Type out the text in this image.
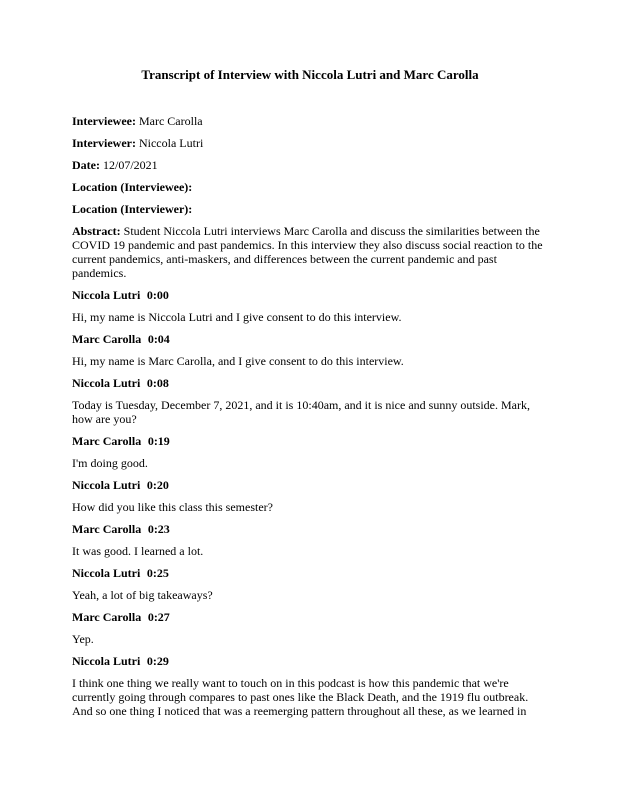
Transcript of Interview with Niccola Lutri and Marc Carolla

Interviewee: Marc Carolla

Interviewer: Niccola Lutri

Date: 12/07/2021

Location (Interviewee):

Location (Interviewer):

Abstract: Student Niccola Lutri interviews Marc Carolla and discuss the similarities between the COVID 19 pandemic and past pandemics. In this interview they also discuss social reaction to the current pandemics, anti-maskers, and differences between the current pandemic and past pandemics.

Niccola Lutri 0:00

Hi, my name is Niccola Lutri and I give consent to do this interview.

Marc Carolla 0:04

Hi, my name is Marc Carolla, and I give consent to do this interview.

Niccola Lutri 0:08

Today is Tuesday, December 7, 2021, and it is 10:40am, and it is nice and sunny outside. Mark, how are you?

Marc Carolla 0:19

I'm doing good.

Niccola Lutri 0:20

How did you like this class this semester?

Marc Carolla 0:23

It was good. I learned a lot.

Niccola Lutri 0:25

Yeah, a lot of big takeaways?

Marc Carolla 0:27

Yep.

Niccola Lutri 0:29

I think one thing we really want to touch on in this podcast is how this pandemic that we're currently going through compares to past ones like the Black Death, and the 1919 flu outbreak. And so one thing I noticed that was a reemerging pattern throughout all these, as we learned in
